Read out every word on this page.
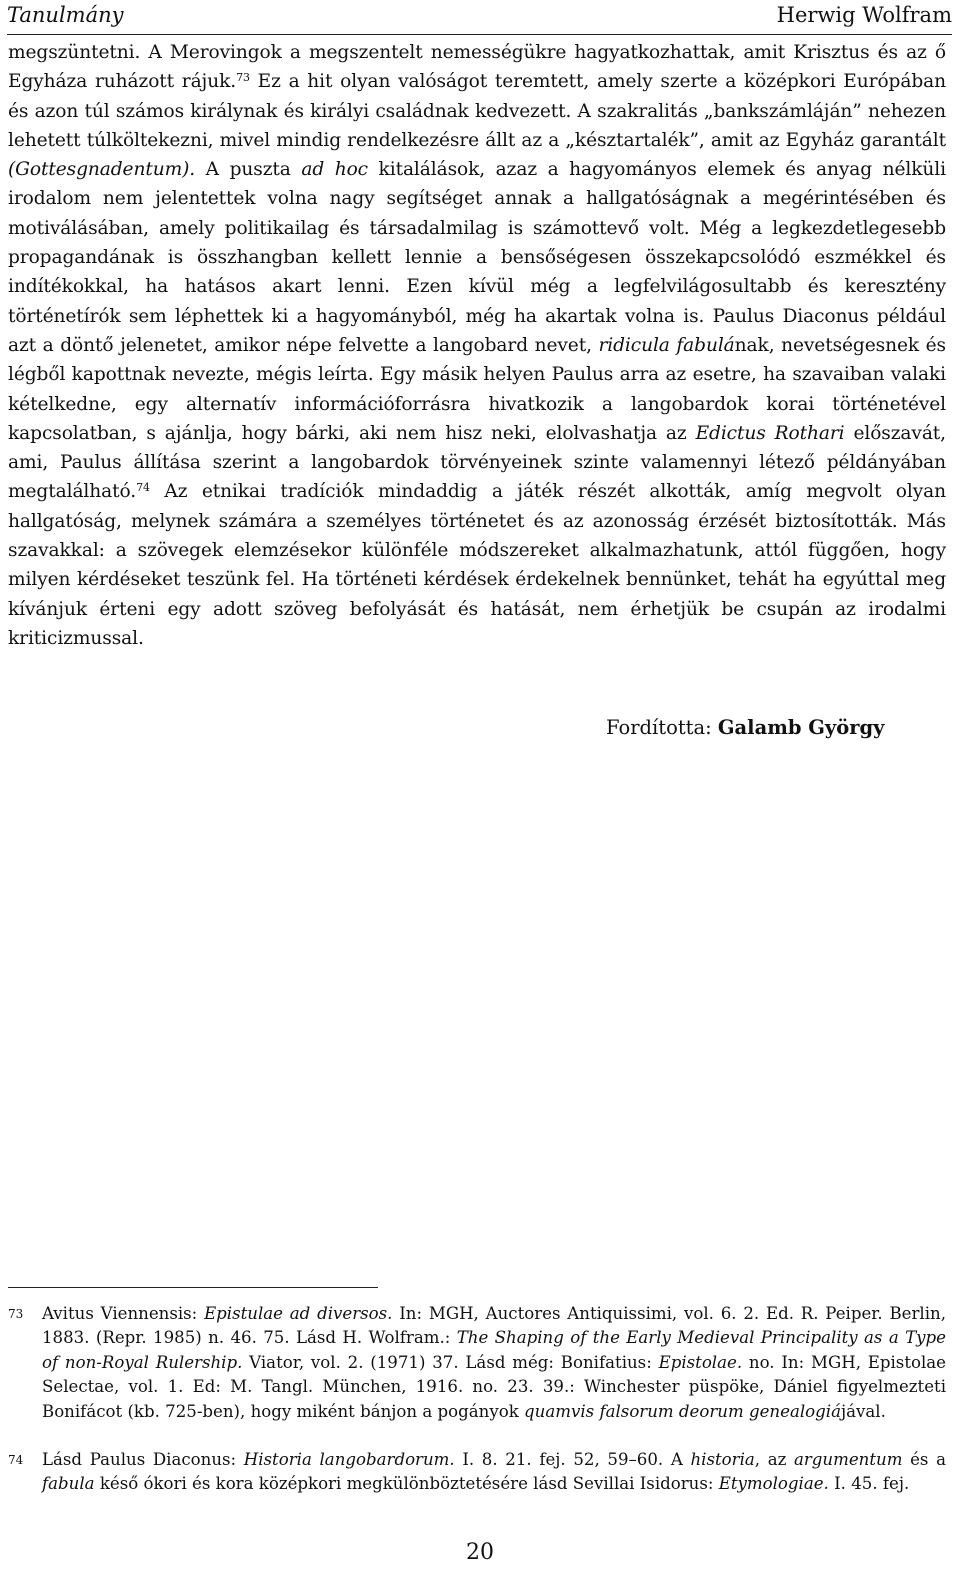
Tanulmány	Herwig Wolfram

megszüntetni. A Merovingok a megszentelt nemességükre hagyatkozhattak, amit Krisztus és az ő Egyháza ruházott rájuk.$^{73}$ Ez a hit olyan valóságot teremtett, amely szerte a középkori Európában és azon túl számos királynak és királyi családnak kedvezett. A szakralitás „bankszámláján” nehezen lehetett túlköltekezni, mivel mindig rendelkezésre állt az a „késztartalék”, amit az Egyház garantált (Gottesgnadentum). A puszta ad hoc kitalálások, azaz a hagyományos elemek és anyag nélküli irodalom nem jelentettek volna nagy segítséget annak a hallgatóságnak a megérintésében és motiválásában, amely politikailag és társadalmilag is számottevő volt. Még a legkezdetlegesebb propagandának is összhangban kellett lennie a bensőségesen összekapcsolódó eszmékkel és indítékokkal, ha hatásos akart lenni. Ezen kívül még a legfelvilágosultabb és keresztény történetírók sem léphettek ki a hagyományból, még ha akartak volna is. Paulus Diaconus például azt a döntő jelenetet, amikor népe felvette a langobard nevet, ridicula fabulának, nevetségesnek és légből kapottnak nevezte, mégis leírta. Egy másik helyen Paulus arra az esetre, ha szavaiban valaki kételkedne, egy alternatív információforrásra hivatkozik a langobardok korai történetével kapcsolatban, s ajánlja, hogy bárki, aki nem hisz neki, elolvashatja az Edictus Rothari előszavát, ami, Paulus állítása szerint a langobardok törvényeinek szinte valamennyi létező példányában megtalálható.$^{74}$ Az etnikai tradíciók mindaddig a játék részét alkották, amíg megvolt olyan hallgatóság, melynek számára a személyes történetet és az azonosság érzését biztosították. Más szavakkal: a szövegek elemzésekor különféle módszereket alkalmazhatunk, attól függően, hogy milyen kérdéseket teszünk fel. Ha történeti kérdések érdekelnek bennünket, tehát ha egyúttal meg kívánjuk érteni egy adott szöveg befolyását és hatását, nem érhetjük be csupán az irodalmi kriticizmussal.

Fordította: Galamb György
73 Avitus Viennensis: Epistulae ad diversos. In: MGH, Auctores Antiquissimi, vol. 6. 2. Ed. R. Peiper. Berlin, 1883. (Repr. 1985) n. 46. 75. Lásd H. Wolfram.: The Shaping of the Early Medieval Principality as a Type of non-Royal Rulership. Viator, vol. 2. (1971) 37. Lásd még: Bonifatius: Epistolae. no. In: MGH, Epistolae Selectae, vol. 1. Ed: M. Tangl. München, 1916. no. 23. 39.: Winchester püspöke, Dániel figyelmezteti Bonifácot (kb. 725-ben), hogy miként bánjon a pogányok quamvis falsorum deorum genealogiájával.
74 Lásd Paulus Diaconus: Historia langobardorum. I. 8. 21. fej. 52, 59–60. A historia, az argumentum és a fabula késő ókori és kora középkori megkülönböztetésére lásd Sevillai Isidorus: Etymologiae. I. 45. fej.
20
